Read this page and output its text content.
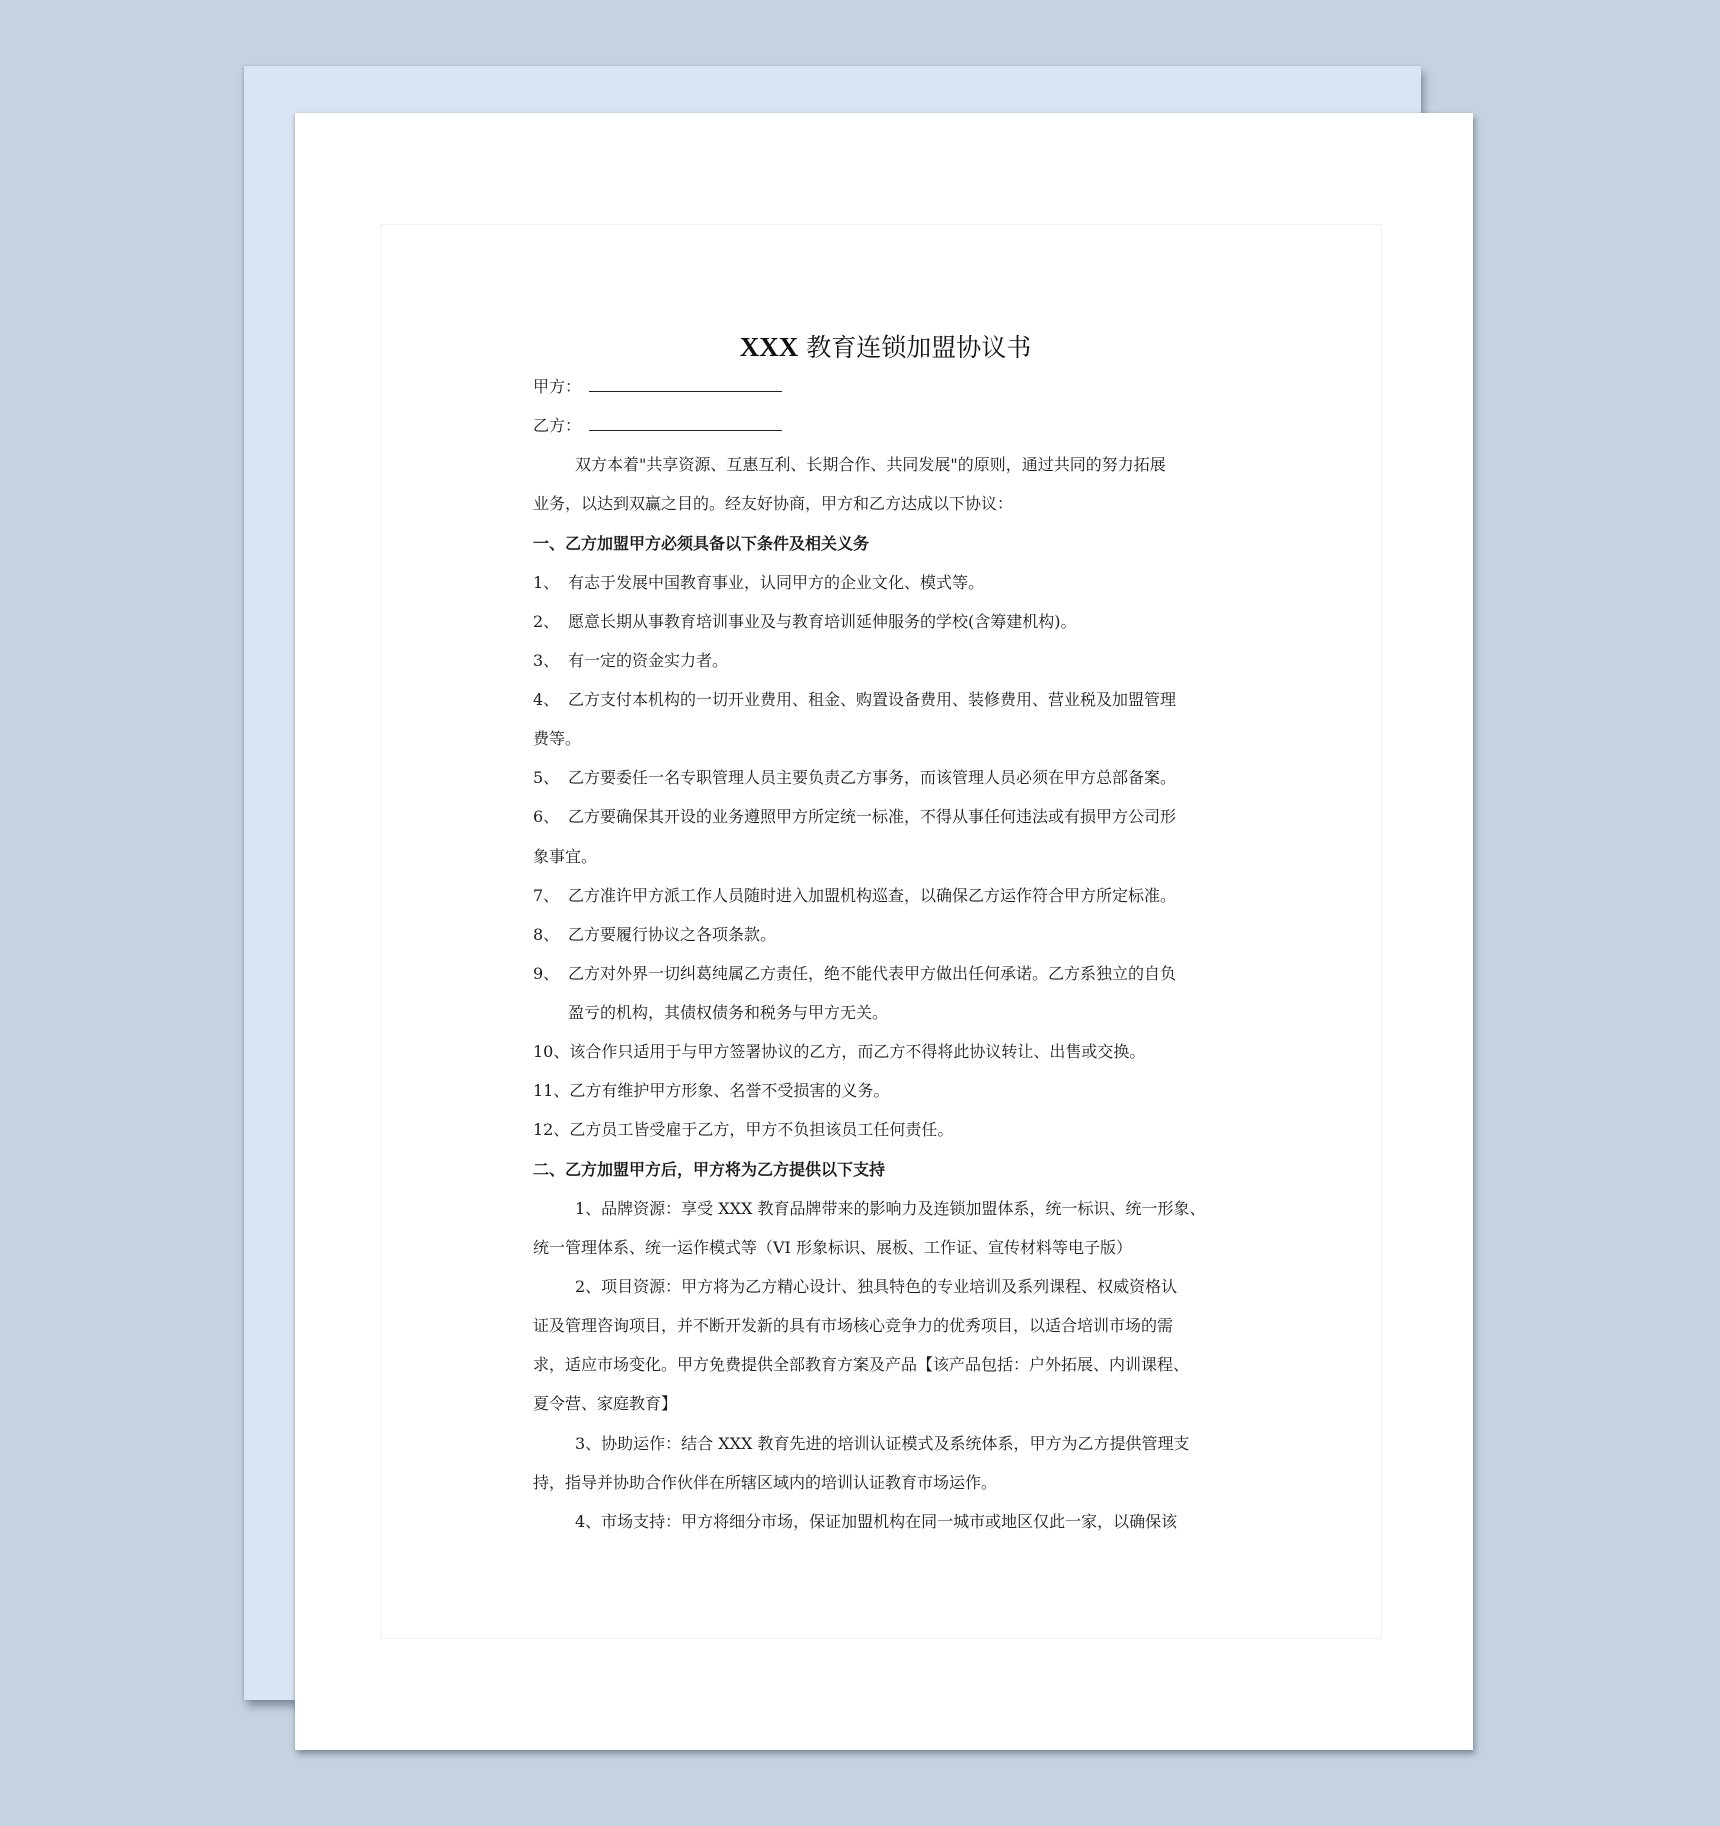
XXX 教育连锁加盟协议书
甲方：
乙方：
双方本着"共享资源、互惠互利、长期合作、共同发展"的原则，通过共同的努力拓展
业务，以达到双赢之目的。经友好协商，甲方和乙方达成以下协议：
一、乙方加盟甲方必须具备以下条件及相关义务
1、 有志于发展中国教育事业，认同甲方的企业文化、模式等。
2、 愿意长期从事教育培训事业及与教育培训延伸服务的学校(含筹建机构)。
3、 有一定的资金实力者。
4、 乙方支付本机构的一切开业费用、租金、购置设备费用、装修费用、营业税及加盟管理
费等。
5、 乙方要委任一名专职管理人员主要负责乙方事务，而该管理人员必须在甲方总部备案。
6、 乙方要确保其开设的业务遵照甲方所定统一标准，不得从事任何违法或有损甲方公司形
象事宜。
7、 乙方准许甲方派工作人员随时进入加盟机构巡查，以确保乙方运作符合甲方所定标准。
8、 乙方要履行协议之各项条款。
9、 乙方对外界一切纠葛纯属乙方责任，绝不能代表甲方做出任何承诺。乙方系独立的自负
盈亏的机构，其债权债务和税务与甲方无关。
10、该合作只适用于与甲方签署协议的乙方，而乙方不得将此协议转让、出售或交换。
11、乙方有维护甲方形象、名誉不受损害的义务。
12、乙方员工皆受雇于乙方，甲方不负担该员工任何责任。
二、乙方加盟甲方后，甲方将为乙方提供以下支持
1、品牌资源：享受 XXX 教育品牌带来的影响力及连锁加盟体系，统一标识、统一形象、
统一管理体系、统一运作模式等（VI 形象标识、展板、工作证、宣传材料等电子版）
2、项目资源：甲方将为乙方精心设计、独具特色的专业培训及系列课程、权威资格认
证及管理咨询项目，并不断开发新的具有市场核心竞争力的优秀项目，以适合培训市场的需
求，适应市场变化。甲方免费提供全部教育方案及产品【该产品包括：户外拓展、内训课程、
夏令营、家庭教育】
3、协助运作：结合 XXX 教育先进的培训认证模式及系统体系，甲方为乙方提供管理支
持，指导并协助合作伙伴在所辖区域内的培训认证教育市场运作。
4、市场支持：甲方将细分市场，保证加盟机构在同一城市或地区仅此一家，以确保该
